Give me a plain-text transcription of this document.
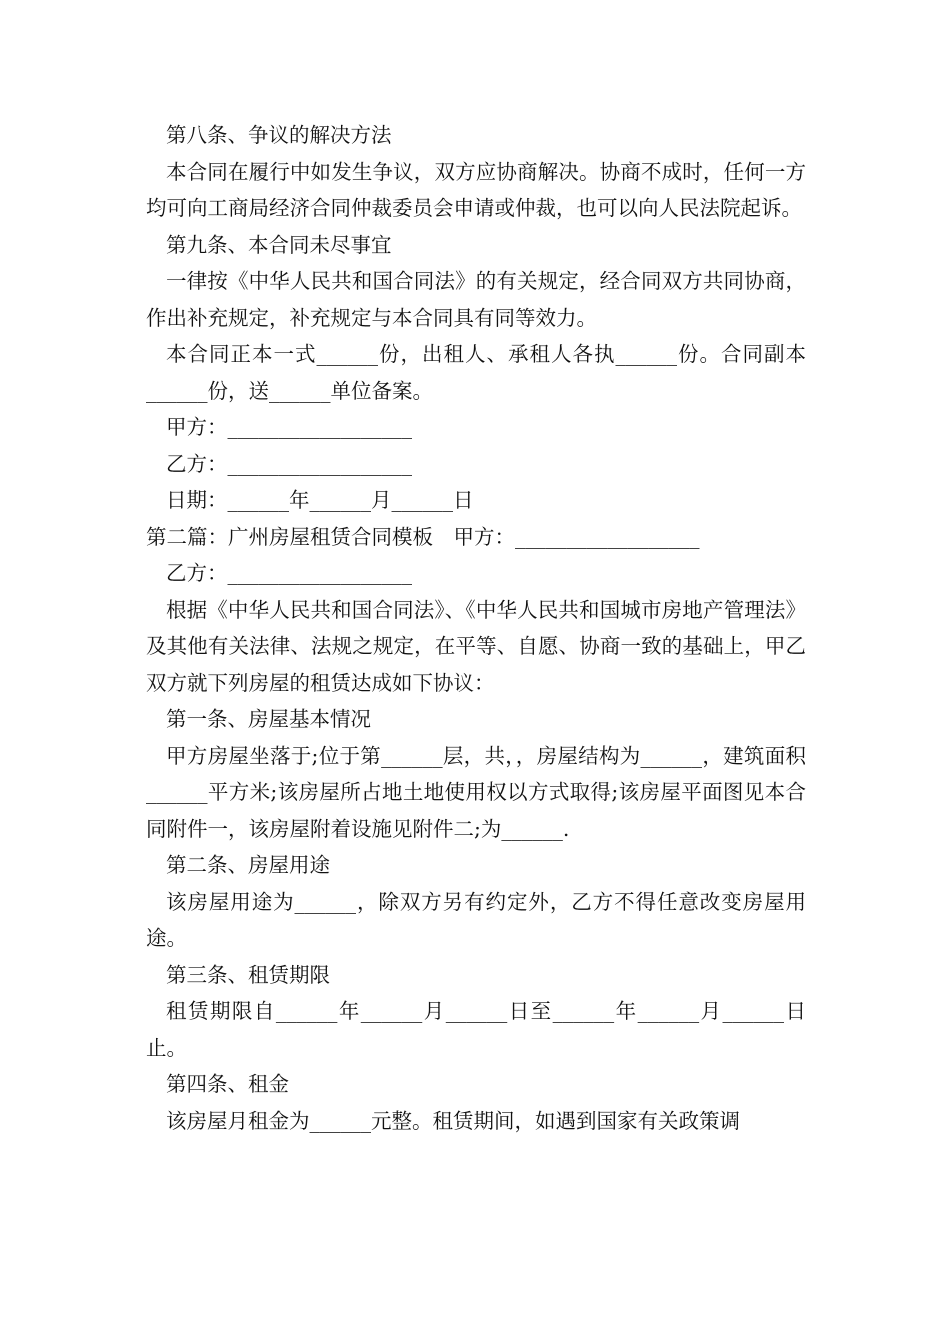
第八条、争议的解决方法

本合同在履行中如发生争议，双方应协商解决。协商不成时，任何一方均可向工商局经济合同仲裁委员会申请或仲裁，也可以向人民法院起诉。

第九条、本合同未尽事宜

一律按《中华人民共和国合同法》的有关规定，经合同双方共同协商，作出补充规定，补充规定与本合同具有同等效力。

本合同正本一式______份，出租人、承租人各执______份。合同副本______份，送______单位备案。

甲方：__________________

乙方：__________________

日期：______年______月______日

第二篇：广州房屋租赁合同模板　甲方：__________________

乙方：__________________

根据《中华人民共和国合同法》、《中华人民共和国城市房地产管理法》及其他有关法律、法规之规定，在平等、自愿、协商一致的基础上，甲乙双方就下列房屋的租赁达成如下协议：

第一条、房屋基本情况

甲方房屋坐落于;位于第______层，共，，房屋结构为______，建筑面积______平方米;该房屋所占地土地使用权以方式取得;该房屋平面图见本合同附件一，该房屋附着设施见附件二;为______.

第二条、房屋用途

该房屋用途为______，除双方另有约定外，乙方不得任意改变房屋用途。

第三条、租赁期限

租赁期限自______年______月______日至______年______月______日止。

第四条、租金

该房屋月租金为______元整。租赁期间，如遇到国家有关政策调
